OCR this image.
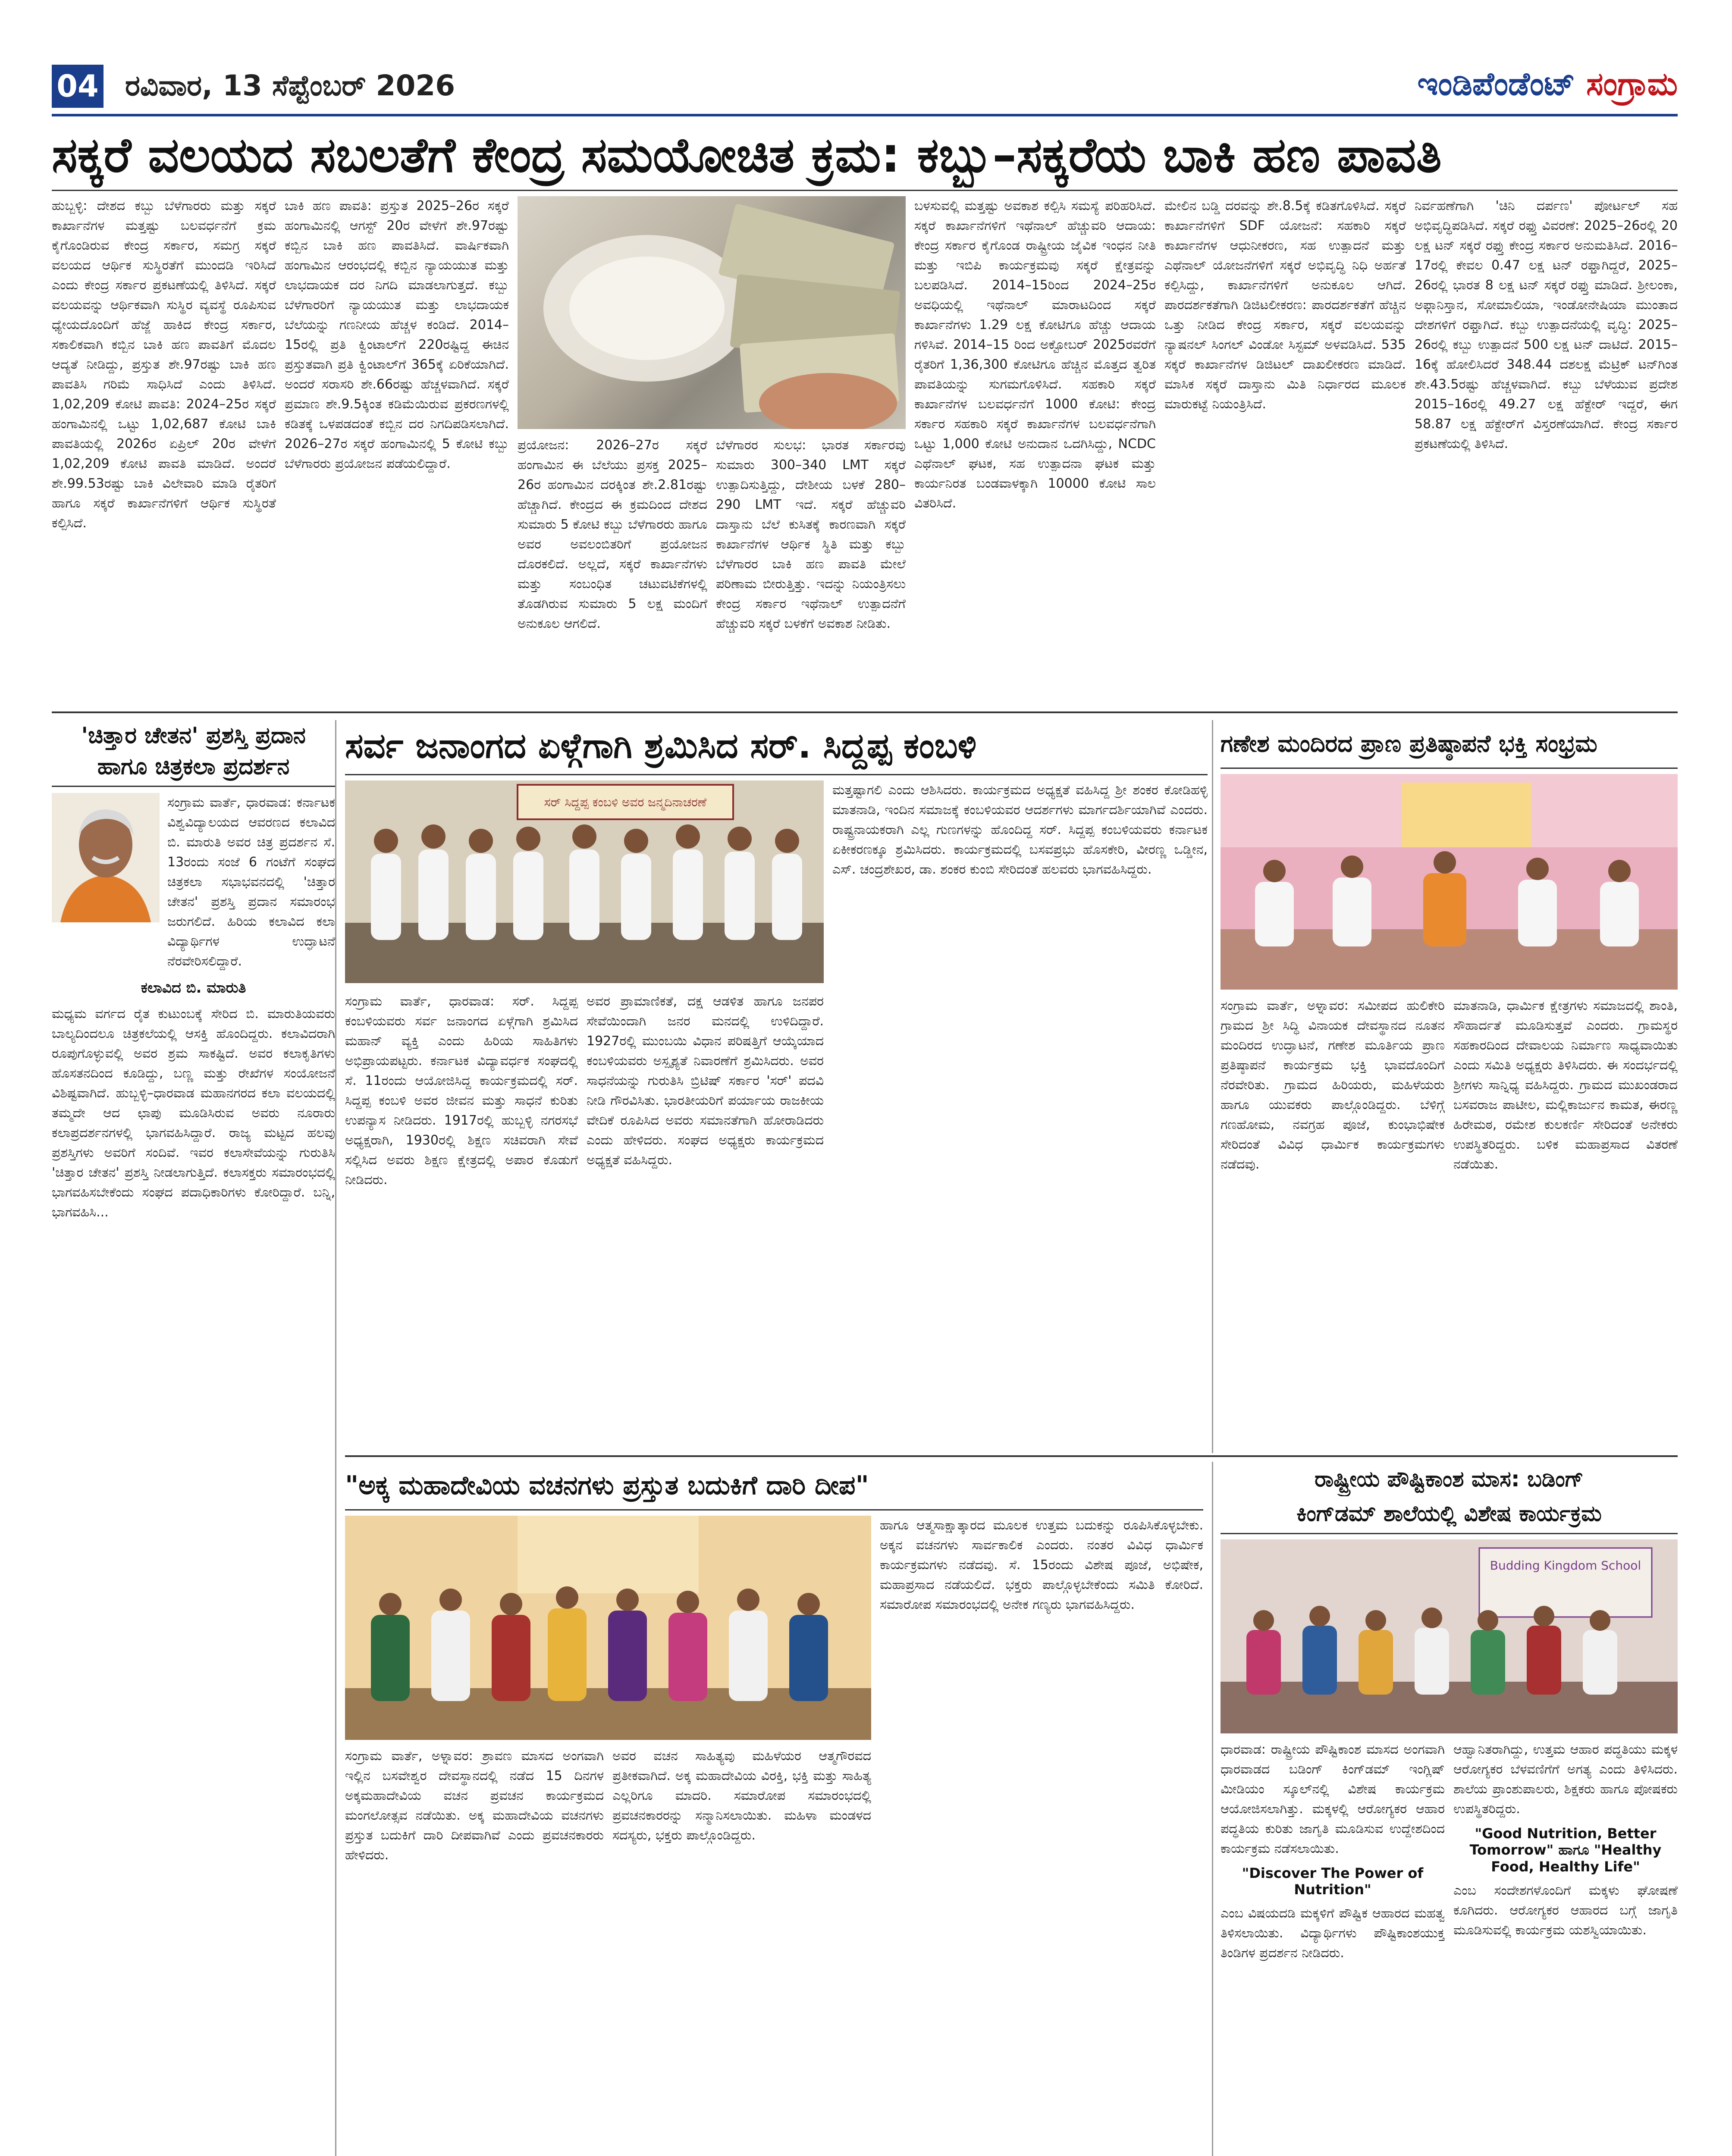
04 ರವಿವಾರ, 13 ಸೆಪ್ಟೆಂಬರ್ 2026	ಇಂಡಿಪೆಂಡೆಂಟ್ ಸಂಗ್ರಾಮ
ಸಕ್ಕರೆ ವಲಯದ ಸಬಲತೆಗೆ ಕೇಂದ್ರ ಸಮಯೋಚಿತ ಕ್ರಮ: ಕಬ್ಬು–ಸಕ್ಕರೆಯ ಬಾಕಿ ಹಣ ಪಾವತಿ
ಹುಬ್ಬಳ್ಳಿ: ದೇಶದ ಕಬ್ಬು ಬೆಳೆಗಾರರು ಮತ್ತು ಸಕ್ಕರೆ ಕಾರ್ಖಾನೆಗಳ ಮತ್ತಷ್ಟು ಬಲವರ್ಧನೆಗೆ ಕ್ರಮ ಕೈಗೊಂಡಿರುವ ಕೇಂದ್ರ ಸರ್ಕಾರ, ಸಮಗ್ರ ಸಕ್ಕರೆ ವಲಯದ ಆರ್ಥಿಕ ಸುಸ್ಥಿರತೆಗೆ ಮುಂದಡಿ ಇರಿಸಿದೆ ಎಂದು ಕೇಂದ್ರ ಸರ್ಕಾರ ಪ್ರಕಟಣೆಯಲ್ಲಿ ತಿಳಿಸಿದೆ. ಸಕ್ಕರೆ ವಲಯವನ್ನು ಆರ್ಥಿಕವಾಗಿ ಸುಸ್ಥಿರ ವ್ಯವಸ್ಥೆ ರೂಪಿಸುವ ಧ್ಯೇಯದೊಂದಿಗೆ ಹೆಜ್ಜೆ ಹಾಕಿದ ಕೇಂದ್ರ ಸರ್ಕಾರ, ಸಕಾಲಿಕವಾಗಿ ಕಬ್ಬಿನ ಬಾಕಿ ಹಣ ಪಾವತಿಗೆ ಮೊದಲ ಆದ್ಯತೆ ನೀಡಿದ್ದು, ಪ್ರಸ್ತುತ ಶೇ.97ರಷ್ಟು ಬಾಕಿ ಹಣ ಪಾವತಿಸಿ ಗರಿಮೆ ಸಾಧಿಸಿದೆ ಎಂದು ತಿಳಿಸಿದೆ. 1,02,209 ಕೋಟಿ ಪಾವತಿ: 2024–25ರ ಸಕ್ಕರೆ ಹಂಗಾಮಿನಲ್ಲಿ ಒಟ್ಟು 1,02,687 ಕೋಟಿ ಬಾಕಿ ಪಾವತಿಯಲ್ಲಿ 2026ರ ಏಪ್ರಿಲ್ 20ರ ವೇಳೆಗೆ 1,02,209 ಕೋಟಿ ಪಾವತಿ ಮಾಡಿದೆ. ಅಂದರೆ ಶೇ.99.53ರಷ್ಟು ಬಾಕಿ ವಿಲೇವಾರಿ ಮಾಡಿ ರೈತರಿಗೆ ಹಾಗೂ ಸಕ್ಕರೆ ಕಾರ್ಖಾನೆಗಳಿಗೆ ಆರ್ಥಿಕ ಸುಸ್ಥಿರತೆ ಕಲ್ಪಿಸಿದೆ.
ಬಾಕಿ ಹಣ ಪಾವತಿ: ಪ್ರಸ್ತುತ 2025–26ರ ಸಕ್ಕರೆ ಹಂಗಾಮಿನಲ್ಲಿ ಆಗಸ್ಟ್ 20ರ ವೇಳೆಗೆ ಶೇ.97ರಷ್ಟು ಕಬ್ಬಿನ ಬಾಕಿ ಹಣ ಪಾವತಿಸಿದೆ. ವಾರ್ಷಿಕವಾಗಿ ಹಂಗಾಮಿನ ಆರಂಭದಲ್ಲಿ ಕಬ್ಬಿನ ನ್ಯಾಯಯುತ ಮತ್ತು ಲಾಭದಾಯಕ ದರ ನಿಗದಿ ಮಾಡಲಾಗುತ್ತದೆ. ಕಬ್ಬು ಬೆಳೆಗಾರರಿಗೆ ನ್ಯಾಯಯುತ ಮತ್ತು ಲಾಭದಾಯಕ ಬೆಲೆಯನ್ನು ಗಣನೀಯ ಹೆಚ್ಚಳ ಕಂಡಿದೆ. 2014–15ರಲ್ಲಿ ಪ್ರತಿ ಕ್ವಿಂಟಾಲ್‌ಗೆ 220ರಷ್ಟಿದ್ದ ಈಚಿನ ಪ್ರಸ್ತುತವಾಗಿ ಪ್ರತಿ ಕ್ವಿಂಟಾಲ್‌ಗೆ 365ಕ್ಕೆ ಏರಿಕೆಯಾಗಿದೆ. ಅಂದರೆ ಸರಾಸರಿ ಶೇ.66ರಷ್ಟು ಹೆಚ್ಚಳವಾಗಿದೆ. ಸಕ್ಕರೆ ಪ್ರಮಾಣ ಶೇ.9.5ಕ್ಕಿಂತ ಕಡಿಮೆಯಿರುವ ಪ್ರಕರಣಗಳಲ್ಲಿ ಕಡಿತಕ್ಕೆ ಒಳಪಡದಂತೆ ಕಬ್ಬಿನ ದರ ನಿಗದಿಪಡಿಸಲಾಗಿದೆ. 2026–27ರ ಸಕ್ಕರೆ ಹಂಗಾಮಿನಲ್ಲಿ 5 ಕೋಟಿ ಕಬ್ಬು ಬೆಳೆಗಾರರು ಪ್ರಯೋಜನ ಪಡೆಯಲಿದ್ದಾರೆ.
ಪ್ರಯೋಜನ: 2026–27ರ ಸಕ್ಕರೆ ಹಂಗಾಮಿನ ಈ ಬೆಲೆಯು ಪ್ರಸಕ್ತ 2025–26ರ ಹಂಗಾಮಿನ ದರಕ್ಕಿಂತ ಶೇ.2.81ರಷ್ಟು ಹೆಚ್ಚಾಗಿದೆ. ಕೇಂದ್ರದ ಈ ಕ್ರಮದಿಂದ ದೇಶದ ಸುಮಾರು 5 ಕೋಟಿ ಕಬ್ಬು ಬೆಳೆಗಾರರು ಹಾಗೂ ಅವರ ಅವಲಂಬಿತರಿಗೆ ಪ್ರಯೋಜನ ದೊರಕಲಿದೆ. ಅಲ್ಲದೆ, ಸಕ್ಕರೆ ಕಾರ್ಖಾನೆಗಳು ಮತ್ತು ಸಂಬಂಧಿತ ಚಟುವಟಿಕೆಗಳಲ್ಲಿ ತೊಡಗಿರುವ ಸುಮಾರು 5 ಲಕ್ಷ ಮಂದಿಗೆ ಅನುಕೂಲ ಆಗಲಿದೆ.
ಬೆಳೆಗಾರರ ಸುಲಭ: ಭಾರತ ಸರ್ಕಾರವು ಸುಮಾರು 300–340 LMT ಸಕ್ಕರೆ ಉತ್ಪಾದಿಸುತ್ತಿದ್ದು, ದೇಶೀಯ ಬಳಕೆ 280–290 LMT ಇದೆ. ಸಕ್ಕರೆ ಹೆಚ್ಚುವರಿ ದಾಸ್ತಾನು ಬೆಲೆ ಕುಸಿತಕ್ಕೆ ಕಾರಣವಾಗಿ ಸಕ್ಕರೆ ಕಾರ್ಖಾನೆಗಳ ಆರ್ಥಿಕ ಸ್ಥಿತಿ ಮತ್ತು ಕಬ್ಬು ಬೆಳೆಗಾರರ ಬಾಕಿ ಹಣ ಪಾವತಿ ಮೇಲೆ ಪರಿಣಾಮ ಬೀರುತ್ತಿತ್ತು. ಇದನ್ನು ನಿಯಂತ್ರಿಸಲು ಕೇಂದ್ರ ಸರ್ಕಾರ ಇಥೆನಾಲ್ ಉತ್ಪಾದನೆಗೆ ಹೆಚ್ಚುವರಿ ಸಕ್ಕರೆ ಬಳಕೆಗೆ ಅವಕಾಶ ನೀಡಿತು.
ಬಳಸುವಲ್ಲಿ ಮತ್ತಷ್ಟು ಅವಕಾಶ ಕಲ್ಪಿಸಿ ಸಮಸ್ಯೆ ಪರಿಹರಿಸಿದೆ. ಸಕ್ಕರೆ ಕಾರ್ಖಾನೆಗಳಿಗೆ ಇಥೆನಾಲ್ ಹೆಚ್ಚುವರಿ ಆದಾಯ: ಕೇಂದ್ರ ಸರ್ಕಾರ ಕೈಗೊಂಡ ರಾಷ್ಟ್ರೀಯ ಜೈವಿಕ ಇಂಧನ ನೀತಿ ಮತ್ತು ಇಬಿಪಿ ಕಾರ್ಯಕ್ರಮವು ಸಕ್ಕರೆ ಕ್ಷೇತ್ರವನ್ನು ಬಲಪಡಿಸಿದೆ. 2014–15ರಿಂದ 2024–25ರ ಅವಧಿಯಲ್ಲಿ ಇಥೆನಾಲ್ ಮಾರಾಟದಿಂದ ಸಕ್ಕರೆ ಕಾರ್ಖಾನೆಗಳು 1.29 ಲಕ್ಷ ಕೋಟಿಗೂ ಹೆಚ್ಚು ಆದಾಯ ಗಳಿಸಿವೆ. 2014–15 ರಿಂದ ಅಕ್ಟೋಬರ್ 2025ರವರೆಗೆ ರೈತರಿಗೆ 1,36,300 ಕೋಟಿಗೂ ಹೆಚ್ಚಿನ ಮೊತ್ತದ ತ್ವರಿತ ಪಾವತಿಯನ್ನು ಸುಗಮಗೊಳಿಸಿದೆ. ಸಹಕಾರಿ ಸಕ್ಕರೆ ಕಾರ್ಖಾನೆಗಳ ಬಲವರ್ಧನೆಗೆ 1000 ಕೋಟಿ: ಕೇಂದ್ರ ಸರ್ಕಾರ ಸಹಕಾರಿ ಸಕ್ಕರೆ ಕಾರ್ಖಾನೆಗಳ ಬಲವರ್ಧನೆಗಾಗಿ ಒಟ್ಟು 1,000 ಕೋಟಿ ಅನುದಾನ ಒದಗಿಸಿದ್ದು, NCDC ಎಥೆನಾಲ್ ಘಟಕ, ಸಹ ಉತ್ಪಾದನಾ ಘಟಕ ಮತ್ತು ಕಾರ್ಯನಿರತ ಬಂಡವಾಳಕ್ಕಾಗಿ 10000 ಕೋಟಿ ಸಾಲ ವಿತರಿಸಿದೆ.
ಮೇಲಿನ ಬಡ್ಡಿ ದರವನ್ನು ಶೇ.8.5ಕ್ಕೆ ಕಡಿತಗೊಳಿಸಿದೆ. ಸಕ್ಕರೆ ಕಾರ್ಖಾನೆಗಳಿಗೆ SDF ಯೋಜನೆ: ಸಹಕಾರಿ ಸಕ್ಕರೆ ಕಾರ್ಖಾನೆಗಳ ಆಧುನೀಕರಣ, ಸಹ ಉತ್ಪಾದನೆ ಮತ್ತು ಎಥೆನಾಲ್ ಯೋಜನೆಗಳಿಗೆ ಸಕ್ಕರೆ ಅಭಿವೃದ್ಧಿ ನಿಧಿ ಅರ್ಹತೆ ಕಲ್ಪಿಸಿದ್ದು, ಕಾರ್ಖಾನೆಗಳಿಗೆ ಅನುಕೂಲ ಆಗಿದೆ. ಪಾರದರ್ಶಕತೆಗಾಗಿ ಡಿಜಿಟಲೀಕರಣ: ಪಾರದರ್ಶಕತೆಗೆ ಹೆಚ್ಚಿನ ಒತ್ತು ನೀಡಿದ ಕೇಂದ್ರ ಸರ್ಕಾರ, ಸಕ್ಕರೆ ವಲಯವನ್ನು ನ್ಯಾಷನಲ್ ಸಿಂಗಲ್ ವಿಂಡೋ ಸಿಸ್ಟಮ್ ಅಳವಡಿಸಿದೆ. 535 ಸಕ್ಕರೆ ಕಾರ್ಖಾನೆಗಳ ಡಿಜಿಟಲ್ ದಾಖಲೀಕರಣ ಮಾಡಿದೆ. ಮಾಸಿಕ ಸಕ್ಕರೆ ದಾಸ್ತಾನು ಮಿತಿ ನಿರ್ಧಾರದ ಮೂಲಕ ಮಾರುಕಟ್ಟೆ ನಿಯಂತ್ರಿಸಿದೆ.
ನಿರ್ವಹಣೆಗಾಗಿ 'ಚಿನಿ ದರ್ಪಣ' ಪೋರ್ಟಲ್ ಸಹ ಅಭಿವೃದ್ಧಿಪಡಿಸಿದೆ. ಸಕ್ಕರೆ ರಫ್ತು ವಿವರಣೆ: 2025–26ರಲ್ಲಿ 20 ಲಕ್ಷ ಟನ್ ಸಕ್ಕರೆ ರಫ್ತು ಕೇಂದ್ರ ಸರ್ಕಾರ ಅನುಮತಿಸಿದೆ. 2016–17ರಲ್ಲಿ ಕೇವಲ 0.47 ಲಕ್ಷ ಟನ್ ರಫ್ತಾಗಿದ್ದರೆ, 2025–26ರಲ್ಲಿ ಭಾರತ 8 ಲಕ್ಷ ಟನ್ ಸಕ್ಕರೆ ರಫ್ತು ಮಾಡಿದೆ. ಶ್ರೀಲಂಕಾ, ಅಫ್ಗಾನಿಸ್ತಾನ, ಸೋಮಾಲಿಯಾ, ಇಂಡೋನೇಷಿಯಾ ಮುಂತಾದ ದೇಶಗಳಿಗೆ ರಫ್ತಾಗಿದೆ. ಕಬ್ಬು ಉತ್ಪಾದನೆಯಲ್ಲಿ ವೃದ್ಧಿ: 2025–26ರಲ್ಲಿ ಕಬ್ಬು ಉತ್ಪಾದನೆ 500 ಲಕ್ಷ ಟನ್ ದಾಟಿದೆ. 2015–16ಕ್ಕೆ ಹೋಲಿಸಿದರೆ 348.44 ದಶಲಕ್ಷ ಮೆಟ್ರಿಕ್ ಟನ್‌ಗಿಂತ ಶೇ.43.5ರಷ್ಟು ಹೆಚ್ಚಳವಾಗಿದೆ. ಕಬ್ಬು ಬೆಳೆಯುವ ಪ್ರದೇಶ 2015–16ರಲ್ಲಿ 49.27 ಲಕ್ಷ ಹೆಕ್ಟೇರ್ ಇದ್ದರೆ, ಈಗ 58.87 ಲಕ್ಷ ಹೆಕ್ಟೇರ್‌ಗೆ ವಿಸ್ತರಣೆಯಾಗಿದೆ. ಕೇಂದ್ರ ಸರ್ಕಾರ ಪ್ರಕಟಣೆಯಲ್ಲಿ ತಿಳಿಸಿದೆ.
'ಚಿತ್ತಾರ ಚೇತನ' ಪ್ರಶಸ್ತಿ ಪ್ರದಾನ
ಹಾಗೂ ಚಿತ್ರಕಲಾ ಪ್ರದರ್ಶನ
ಸಂಗ್ರಾಮ ವಾರ್ತೆ, ಧಾರವಾಡ: ಕರ್ನಾಟಕ ವಿಶ್ವವಿದ್ಯಾಲಯದ ಆವರಣದ ಕಲಾವಿದ ಬಿ. ಮಾರುತಿ ಅವರ ಚಿತ್ರ ಪ್ರದರ್ಶನ ಸೆ. 13ರಂದು ಸಂಜೆ 6 ಗಂಟೆಗೆ ಸಂಘದ ಚಿತ್ರಕಲಾ ಸಭಾಭವನದಲ್ಲಿ 'ಚಿತ್ತಾರ ಚೇತನ' ಪ್ರಶಸ್ತಿ ಪ್ರದಾನ ಸಮಾರಂಭ ಜರುಗಲಿದೆ. ಹಿರಿಯ ಕಲಾವಿದ ಕಲಾ ವಿದ್ಯಾರ್ಥಿಗಳ ಉದ್ಘಾಟನೆ ನೆರವೇರಿಸಲಿದ್ದಾರೆ.
ಕಲಾವಿದ ಬಿ. ಮಾರುತಿ
ಮಧ್ಯಮ ವರ್ಗದ ರೈತ ಕುಟುಂಬಕ್ಕೆ ಸೇರಿದ ಬಿ. ಮಾರುತಿಯವರು ಬಾಲ್ಯದಿಂದಲೂ ಚಿತ್ರಕಲೆಯಲ್ಲಿ ಆಸಕ್ತಿ ಹೊಂದಿದ್ದರು. ಕಲಾವಿದರಾಗಿ ರೂಪುಗೊಳ್ಳುವಲ್ಲಿ ಅವರ ಶ್ರಮ ಸಾಕಷ್ಟಿದೆ. ಅವರ ಕಲಾಕೃತಿಗಳು ಹೊಸತನದಿಂದ ಕೂಡಿದ್ದು, ಬಣ್ಣ ಮತ್ತು ರೇಖೆಗಳ ಸಂಯೋಜನೆ ವಿಶಿಷ್ಟವಾಗಿದೆ. ಹುಬ್ಬಳ್ಳಿ–ಧಾರವಾಡ ಮಹಾನಗರದ ಕಲಾ ವಲಯದಲ್ಲಿ ತಮ್ಮದೇ ಆದ ಛಾಪು ಮೂಡಿಸಿರುವ ಅವರು ನೂರಾರು ಕಲಾಪ್ರದರ್ಶನಗಳಲ್ಲಿ ಭಾಗವಹಿಸಿದ್ದಾರೆ. ರಾಜ್ಯ ಮಟ್ಟದ ಹಲವು ಪ್ರಶಸ್ತಿಗಳು ಅವರಿಗೆ ಸಂದಿವೆ. ಇವರ ಕಲಾಸೇವೆಯನ್ನು ಗುರುತಿಸಿ 'ಚಿತ್ತಾರ ಚೇತನ' ಪ್ರಶಸ್ತಿ ನೀಡಲಾಗುತ್ತಿದೆ. ಕಲಾಸಕ್ತರು ಸಮಾರಂಭದಲ್ಲಿ ಭಾಗವಹಿಸಬೇಕೆಂದು ಸಂಘದ ಪದಾಧಿಕಾರಿಗಳು ಕೋರಿದ್ದಾರೆ. ಬನ್ನಿ, ಭಾಗವಹಿಸಿ...
ಸರ್ವ ಜನಾಂಗದ ಏಳ್ಗೆಗಾಗಿ ಶ್ರಮಿಸಿದ ಸರ್. ಸಿದ್ದಪ್ಪ ಕಂಬಳಿ
ಸರ್ ಸಿದ್ದಪ್ಪ ಕಂಬಳಿ ಅವರ ಜನ್ಮದಿನಾಚರಣೆ
ಸಂಗ್ರಾಮ ವಾರ್ತೆ, ಧಾರವಾಡ: ಸರ್. ಸಿದ್ದಪ್ಪ ಕಂಬಳಿಯವರು ಸರ್ವ ಜನಾಂಗದ ಏಳ್ಗೆಗಾಗಿ ಶ್ರಮಿಸಿದ ಮಹಾನ್ ವ್ಯಕ್ತಿ ಎಂದು ಹಿರಿಯ ಸಾಹಿತಿಗಳು ಅಭಿಪ್ರಾಯಪಟ್ಟರು. ಕರ್ನಾಟಕ ವಿದ್ಯಾವರ್ಧಕ ಸಂಘದಲ್ಲಿ ಸೆ. 11ರಂದು ಆಯೋಜಿಸಿದ್ದ ಕಾರ್ಯಕ್ರಮದಲ್ಲಿ ಸರ್. ಸಿದ್ದಪ್ಪ ಕಂಬಳಿ ಅವರ ಜೀವನ ಮತ್ತು ಸಾಧನೆ ಕುರಿತು ಉಪನ್ಯಾಸ ನೀಡಿದರು. 1917ರಲ್ಲಿ ಹುಬ್ಬಳ್ಳಿ ನಗರಸಭೆ ಅಧ್ಯಕ್ಷರಾಗಿ, 1930ರಲ್ಲಿ ಶಿಕ್ಷಣ ಸಚಿವರಾಗಿ ಸೇವೆ ಸಲ್ಲಿಸಿದ ಅವರು ಶಿಕ್ಷಣ ಕ್ಷೇತ್ರದಲ್ಲಿ ಅಪಾರ ಕೊಡುಗೆ ನೀಡಿದರು.
ಅವರ ಪ್ರಾಮಾಣಿಕತೆ, ದಕ್ಷ ಆಡಳಿತ ಹಾಗೂ ಜನಪರ ಸೇವೆಯಿಂದಾಗಿ ಜನರ ಮನದಲ್ಲಿ ಉಳಿದಿದ್ದಾರೆ. 1927ರಲ್ಲಿ ಮುಂಬಯಿ ವಿಧಾನ ಪರಿಷತ್ತಿಗೆ ಆಯ್ಕೆಯಾದ ಕಂಬಳಿಯವರು ಅಸ್ಪೃಶ್ಯತೆ ನಿವಾರಣೆಗೆ ಶ್ರಮಿಸಿದರು. ಅವರ ಸಾಧನೆಯನ್ನು ಗುರುತಿಸಿ ಬ್ರಿಟಿಷ್ ಸರ್ಕಾರ 'ಸರ್' ಪದವಿ ನೀಡಿ ಗೌರವಿಸಿತು. ಭಾರತೀಯರಿಗೆ ಪರ್ಯಾಯ ರಾಜಕೀಯ ವೇದಿಕೆ ರೂಪಿಸಿದ ಅವರು ಸಮಾನತೆಗಾಗಿ ಹೋರಾಡಿದರು ಎಂದು ಹೇಳಿದರು. ಸಂಘದ ಅಧ್ಯಕ್ಷರು ಕಾರ್ಯಕ್ರಮದ ಅಧ್ಯಕ್ಷತೆ ವಹಿಸಿದ್ದರು.
ಮತ್ತಷ್ಟಾಗಲಿ ಎಂದು ಆಶಿಸಿದರು. ಕಾರ್ಯಕ್ರಮದ ಅಧ್ಯಕ್ಷತೆ ವಹಿಸಿದ್ದ ಶ್ರೀ ಶಂಕರ ಕೋಡಿಹಳ್ಳಿ ಮಾತನಾಡಿ, ಇಂದಿನ ಸಮಾಜಕ್ಕೆ ಕಂಬಳಿಯವರ ಆದರ್ಶಗಳು ಮಾರ್ಗದರ್ಶಿಯಾಗಿವೆ ಎಂದರು. ರಾಷ್ಟ್ರನಾಯಕರಾಗಿ ಎಲ್ಲ ಗುಣಗಳನ್ನು ಹೊಂದಿದ್ದ ಸರ್. ಸಿದ್ದಪ್ಪ ಕಂಬಳಿಯವರು ಕರ್ನಾಟಕ ಏಕೀಕರಣಕ್ಕೂ ಶ್ರಮಿಸಿದರು. ಕಾರ್ಯಕ್ರಮದಲ್ಲಿ ಬಸವಪ್ರಭು ಹೊಸಕೇರಿ, ವೀರಣ್ಣ ಒಡ್ಡೀನ, ಎಸ್. ಚಂದ್ರಶೇಖರ, ಡಾ. ಶಂಕರ ಕುಂಬಿ ಸೇರಿದಂತೆ ಹಲವರು ಭಾಗವಹಿಸಿದ್ದರು.
ಗಣೇಶ ಮಂದಿರದ ಪ್ರಾಣ ಪ್ರತಿಷ್ಠಾಪನೆ ಭಕ್ತಿ ಸಂಭ್ರಮ
ಸಂಗ್ರಾಮ ವಾರ್ತೆ, ಅಳ್ನಾವರ: ಸಮೀಪದ ಹುಲಿಕೇರಿ ಗ್ರಾಮದ ಶ್ರೀ ಸಿದ್ಧಿ ವಿನಾಯಕ ದೇವಸ್ಥಾನದ ನೂತನ ಮಂದಿರದ ಉದ್ಘಾಟನೆ, ಗಣೇಶ ಮೂರ್ತಿಯ ಪ್ರಾಣ ಪ್ರತಿಷ್ಠಾಪನೆ ಕಾರ್ಯಕ್ರಮ ಭಕ್ತಿ ಭಾವದೊಂದಿಗೆ ನೆರವೇರಿತು. ಗ್ರಾಮದ ಹಿರಿಯರು, ಮಹಿಳೆಯರು ಹಾಗೂ ಯುವಕರು ಪಾಲ್ಗೊಂಡಿದ್ದರು. ಬೆಳಿಗ್ಗೆ ಗಣಹೋಮ, ನವಗ್ರಹ ಪೂಜೆ, ಕುಂಭಾಭಿಷೇಕ ಸೇರಿದಂತೆ ವಿವಿಧ ಧಾರ್ಮಿಕ ಕಾರ್ಯಕ್ರಮಗಳು ನಡೆದವು.
ಮಾತನಾಡಿ, ಧಾರ್ಮಿಕ ಕ್ಷೇತ್ರಗಳು ಸಮಾಜದಲ್ಲಿ ಶಾಂತಿ, ಸೌಹಾರ್ದತೆ ಮೂಡಿಸುತ್ತವೆ ಎಂದರು. ಗ್ರಾಮಸ್ಥರ ಸಹಕಾರದಿಂದ ದೇವಾಲಯ ನಿರ್ಮಾಣ ಸಾಧ್ಯವಾಯಿತು ಎಂದು ಸಮಿತಿ ಅಧ್ಯಕ್ಷರು ತಿಳಿಸಿದರು. ಈ ಸಂದರ್ಭದಲ್ಲಿ ಶ್ರೀಗಳು ಸಾನ್ನಿಧ್ಯ ವಹಿಸಿದ್ದರು. ಗ್ರಾಮದ ಮುಖಂಡರಾದ ಬಸವರಾಜ ಪಾಟೀಲ, ಮಲ್ಲಿಕಾರ್ಜುನ ಕಾಮತ, ಈರಣ್ಣ ಹಿರೇಮಠ, ರಮೇಶ ಕುಲಕರ್ಣಿ ಸೇರಿದಂತೆ ಅನೇಕರು ಉಪಸ್ಥಿತರಿದ್ದರು. ಬಳಿಕ ಮಹಾಪ್ರಸಾದ ವಿತರಣೆ ನಡೆಯಿತು.
"ಅಕ್ಕ ಮಹಾದೇವಿಯ ವಚನಗಳು ಪ್ರಸ್ತುತ ಬದುಕಿಗೆ ದಾರಿ ದೀಪ"
ಸಂಗ್ರಾಮ ವಾರ್ತೆ, ಅಳ್ನಾವರ: ಶ್ರಾವಣ ಮಾಸದ ಅಂಗವಾಗಿ ಇಲ್ಲಿನ ಬಸವೇಶ್ವರ ದೇವಸ್ಥಾನದಲ್ಲಿ ನಡೆದ 15 ದಿನಗಳ ಅಕ್ಕಮಹಾದೇವಿಯ ವಚನ ಪ್ರವಚನ ಕಾರ್ಯಕ್ರಮದ ಮಂಗಲೋತ್ಸವ ನಡೆಯಿತು. ಅಕ್ಕ ಮಹಾದೇವಿಯ ವಚನಗಳು ಪ್ರಸ್ತುತ ಬದುಕಿಗೆ ದಾರಿ ದೀಪವಾಗಿವೆ ಎಂದು ಪ್ರವಚನಕಾರರು ಹೇಳಿದರು.
ಅವರ ವಚನ ಸಾಹಿತ್ಯವು ಮಹಿಳೆಯರ ಆತ್ಮಗೌರವದ ಪ್ರತೀಕವಾಗಿದೆ. ಅಕ್ಕ ಮಹಾದೇವಿಯ ವಿರಕ್ತಿ, ಭಕ್ತಿ ಮತ್ತು ಸಾಹಿತ್ಯ ಎಲ್ಲರಿಗೂ ಮಾದರಿ. ಸಮಾರೋಪ ಸಮಾರಂಭದಲ್ಲಿ ಪ್ರವಚನಕಾರರನ್ನು ಸನ್ಮಾನಿಸಲಾಯಿತು. ಮಹಿಳಾ ಮಂಡಳದ ಸದಸ್ಯರು, ಭಕ್ತರು ಪಾಲ್ಗೊಂಡಿದ್ದರು.
ಹಾಗೂ ಆತ್ಮಸಾಕ್ಷಾತ್ಕಾರದ ಮೂಲಕ ಉತ್ತಮ ಬದುಕನ್ನು ರೂಪಿಸಿಕೊಳ್ಳಬೇಕು. ಅಕ್ಕನ ವಚನಗಳು ಸಾರ್ವಕಾಲಿಕ ಎಂದರು. ನಂತರ ವಿವಿಧ ಧಾರ್ಮಿಕ ಕಾರ್ಯಕ್ರಮಗಳು ನಡೆದವು. ಸೆ. 15ರಂದು ವಿಶೇಷ ಪೂಜೆ, ಅಭಿಷೇಕ, ಮಹಾಪ್ರಸಾದ ನಡೆಯಲಿದೆ. ಭಕ್ತರು ಪಾಲ್ಗೊಳ್ಳಬೇಕೆಂದು ಸಮಿತಿ ಕೋರಿದೆ. ಸಮಾರೋಪ ಸಮಾರಂಭದಲ್ಲಿ ಅನೇಕ ಗಣ್ಯರು ಭಾಗವಹಿಸಿದ್ದರು.
ರಾಷ್ಟ್ರೀಯ ಪೌಷ್ಟಿಕಾಂಶ ಮಾಸ: ಬಡಿಂಗ್
ಕಿಂಗ್‌ಡಮ್ ಶಾಲೆಯಲ್ಲಿ ವಿಶೇಷ ಕಾರ್ಯಕ್ರಮ
Budding Kingdom School
ಧಾರವಾಡ: ರಾಷ್ಟ್ರೀಯ ಪೌಷ್ಟಿಕಾಂಶ ಮಾಸದ ಅಂಗವಾಗಿ ಧಾರವಾಡದ ಬಡಿಂಗ್ ಕಿಂಗ್‌ಡಮ್ ಇಂಗ್ಲಿಷ್ ಮೀಡಿಯಂ ಸ್ಕೂಲ್‌ನಲ್ಲಿ ವಿಶೇಷ ಕಾರ್ಯಕ್ರಮ ಆಯೋಜಿಸಲಾಗಿತ್ತು. ಮಕ್ಕಳಲ್ಲಿ ಆರೋಗ್ಯಕರ ಆಹಾರ ಪದ್ಧತಿಯ ಕುರಿತು ಜಾಗೃತಿ ಮೂಡಿಸುವ ಉದ್ದೇಶದಿಂದ ಕಾರ್ಯಕ್ರಮ ನಡೆಸಲಾಯಿತು.
"Discover The Power of Nutrition"
ಎಂಬ ವಿಷಯದಡಿ ಮಕ್ಕಳಿಗೆ ಪೌಷ್ಟಿಕ ಆಹಾರದ ಮಹತ್ವ ತಿಳಿಸಲಾಯಿತು. ವಿದ್ಯಾರ್ಥಿಗಳು ಪೌಷ್ಟಿಕಾಂಶಯುಕ್ತ ತಿಂಡಿಗಳ ಪ್ರದರ್ಶನ ನೀಡಿದರು.
ಆಹ್ವಾನಿತರಾಗಿದ್ದು, ಉತ್ತಮ ಆಹಾರ ಪದ್ಧತಿಯು ಮಕ್ಕಳ ಆರೋಗ್ಯಕರ ಬೆಳವಣಿಗೆಗೆ ಅಗತ್ಯ ಎಂದು ತಿಳಿಸಿದರು. ಶಾಲೆಯ ಪ್ರಾಂಶುಪಾಲರು, ಶಿಕ್ಷಕರು ಹಾಗೂ ಪೋಷಕರು ಉಪಸ್ಥಿತರಿದ್ದರು.
"Good Nutrition, Better Tomorrow" ಹಾಗೂ "Healthy Food, Healthy Life"
ಎಂಬ ಸಂದೇಶಗಳೊಂದಿಗೆ ಮಕ್ಕಳು ಘೋಷಣೆ ಕೂಗಿದರು. ಆರೋಗ್ಯಕರ ಆಹಾರದ ಬಗ್ಗೆ ಜಾಗೃತಿ ಮೂಡಿಸುವಲ್ಲಿ ಕಾರ್ಯಕ್ರಮ ಯಶಸ್ವಿಯಾಯಿತು.
